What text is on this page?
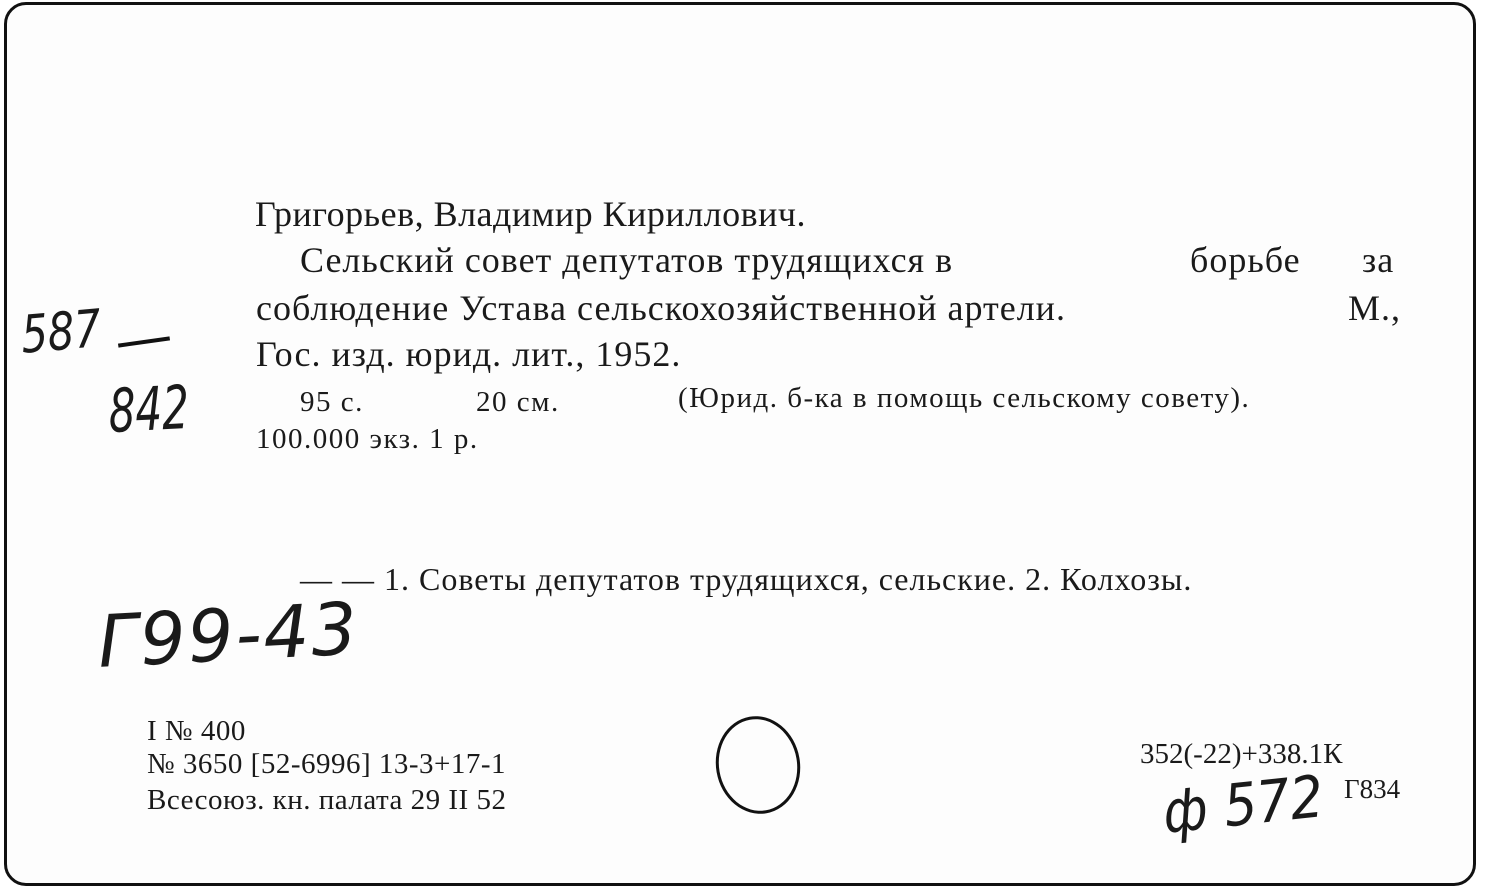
Григорьев, Владимир Кириллович.
Сельский совет депутатов трудящихся в	борьбе за
соблюдение Устава сельскохозяйственной артели.	М.,
Гос. изд. юрид. лит., 1952.
95 с.	20 см.	(Юрид. б-ка в помощь сельскому совету).
100.000 экз. 1 р.
— — 1. Советы депутатов трудящихся, сельские. 2. Колхозы.
I № 400
№ 3650 [52-6996] 13-3+17-1
Всесоюз. кн. палата 29 II 52
352(-22)+338.1К
Г834
587
842
Г99-43
ф 572
